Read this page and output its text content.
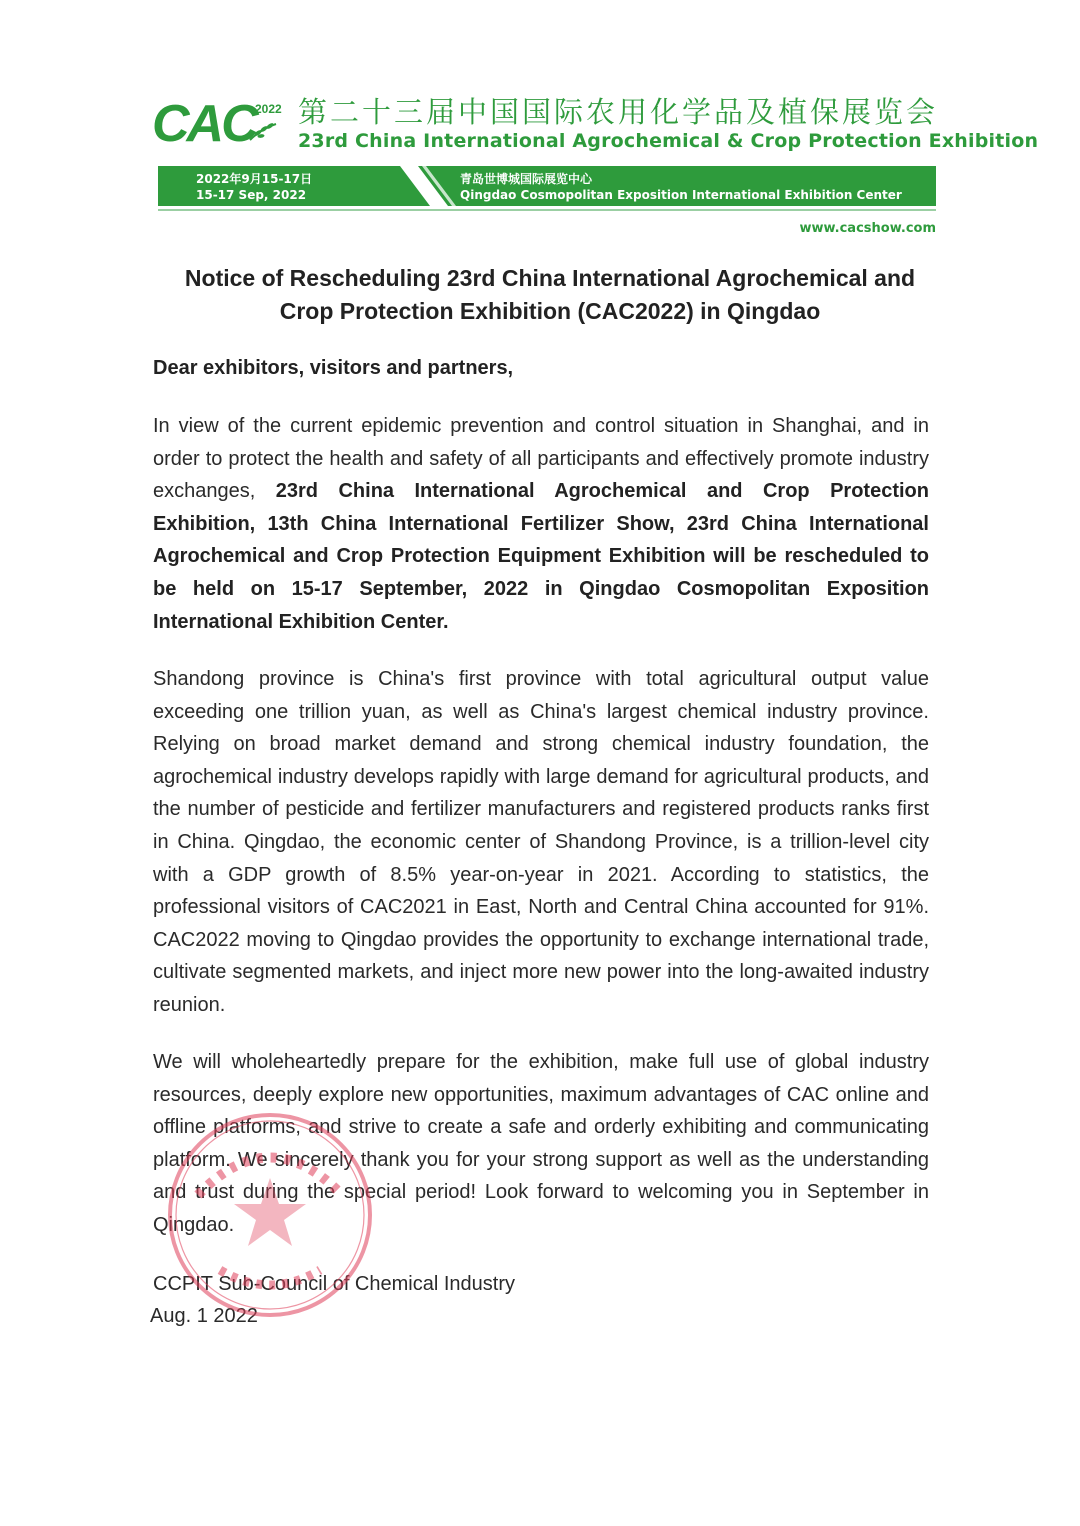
CAC 2022 第二十三届中国国际农用化学品及植保展览会
23rd China International Agrochemical & Crop Protection Exhibition
2022年9月15-17日
15-17 Sep, 2022
青岛世博城国际展览中心
Qingdao Cosmopolitan Exposition International Exhibition Center
www.cacshow.com
Notice of Rescheduling 23rd China International Agrochemical and
Crop Protection Exhibition (CAC2022) in Qingdao
Dear exhibitors, visitors and partners,
In view of the current epidemic prevention and control situation in Shanghai, and in order to protect the health and safety of all participants and effectively promote industry exchanges, 23rd China International Agrochemical and Crop Protection Exhibition, 13th China International Fertilizer Show, 23rd China International Agrochemical and Crop Protection Equipment Exhibition will be rescheduled to be held on 15-17 September, 2022 in Qingdao Cosmopolitan Exposition International Exhibition Center.
Shandong province is China's first province with total agricultural output value exceeding one trillion yuan, as well as China's largest chemical industry province. Relying on broad market demand and strong chemical industry foundation, the agrochemical industry develops rapidly with large demand for agricultural products, and the number of pesticide and fertilizer manufacturers and registered products ranks first in China. Qingdao, the economic center of Shandong Province, is a trillion-level city with a GDP growth of 8.5% year-on-year in 2021. According to statistics, the professional visitors of CAC2021 in East, North and Central China accounted for 91%. CAC2022 moving to Qingdao provides the opportunity to exchange international trade, cultivate segmented markets, and inject more new power into the long-awaited industry reunion.
We will wholeheartedly prepare for the exhibition, make full use of global industry resources, deeply explore new opportunities, maximum advantages of CAC online and offline platforms, and strive to create a safe and orderly exhibiting and communicating platform. We sincerely thank you for your strong support as well as the understanding and trust during the special period! Look forward to welcoming you in September in Qingdao.
CCPIT Sub-Council of Chemical Industry
Aug. 1 2022
